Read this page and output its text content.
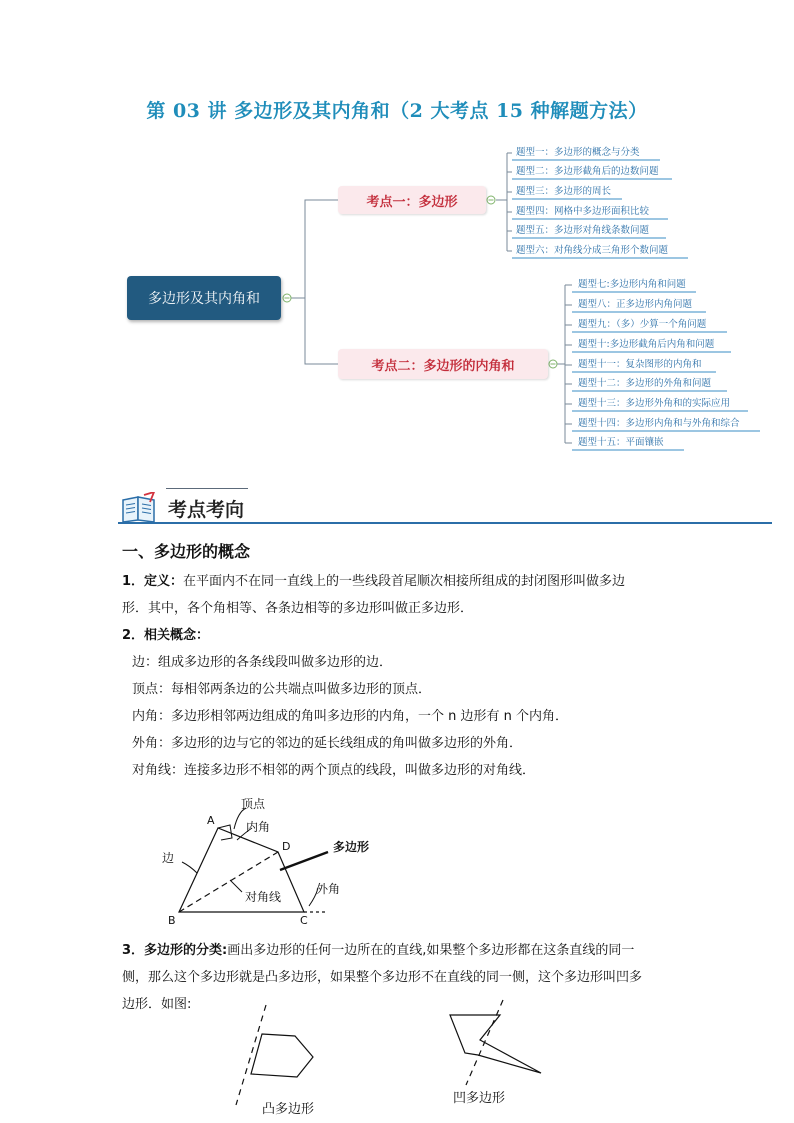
第 03 讲 多边形及其内角和（2 大考点 15 种解题方法）
多边形及其内角和
考点一：多边形
考点二：多边形的内角和
题型一：多边形的概念与分类
题型二：多边形截角后的边数问题
题型三：多边形的周长
题型四：网格中多边形面积比较
题型五：多边形对角线条数问题
题型六：对角线分成三角形个数问题
题型七:多边形内角和问题
题型八：正多边形内角问题
题型九：（多）少算一个角问题
题型十:多边形截角后内角和问题
题型十一：复杂图形的内角和
题型十二：多边形的外角和问题
题型十三：多边形外角和的实际应用
题型十四：多边形内角和与外角和综合
题型十五：平面镶嵌
考点考向
一、多边形的概念
1．定义：在平面内不在同一直线上的一些线段首尾顺次相接所组成的封闭图形叫做多边
形．其中，各个角相等、各条边相等的多边形叫做正多边形．
2．相关概念：
边：组成多边形的各条线段叫做多边形的边．
顶点：每相邻两条边的公共端点叫做多边形的顶点．
内角：多边形相邻两边组成的角叫多边形的内角，一个 n 边形有 n 个内角．
外角：多边形的边与它的邻边的延长线组成的角叫做多边形的外角．
对角线：连接多边形不相邻的两个顶点的线段，叫做多边形的对角线．
顶点
内角
多边形
边
对角线
外角
A
D
B	C
3．多边形的分类:画出多边形的任何一边所在的直线,如果整个多边形都在这条直线的同一
侧，那么这个多边形就是凸多边形，如果整个多边形不在直线的同一侧，这个多边形叫凹多
边形．如图:
凸多边形
凹多边形
